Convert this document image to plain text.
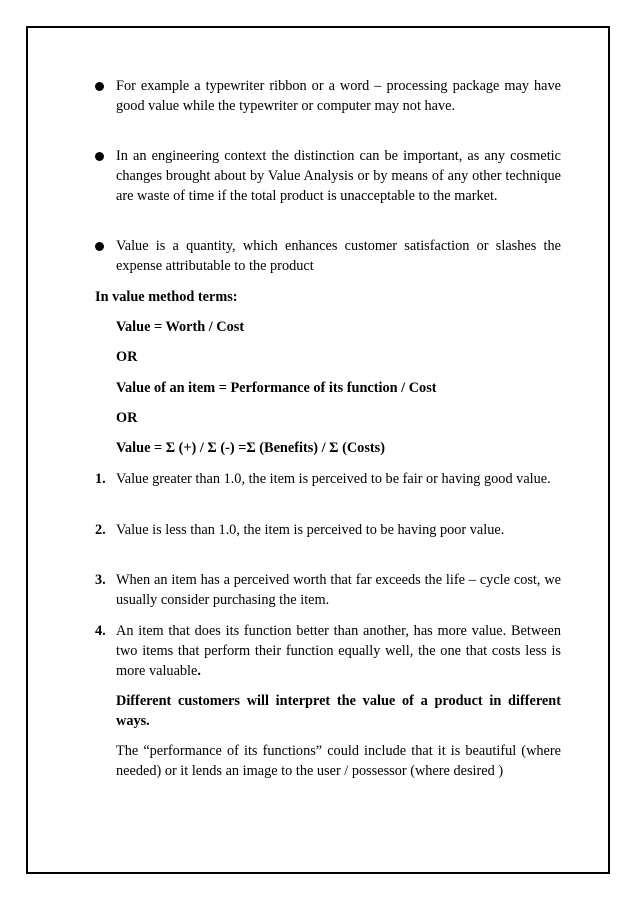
For example a typewriter ribbon or a word – processing package may have good value while the typewriter or computer may not have.
In an engineering context the distinction can be important, as any cosmetic changes brought about by Value Analysis or by means of any other technique are waste of time if the total product is unacceptable to the market.
Value is a quantity, which enhances customer satisfaction or slashes the expense attributable to the product
In value method terms:
Value = Worth / Cost
OR
Value of an item = Performance of its function / Cost
OR
Value = Σ (+) / Σ (-) =Σ (Benefits) / Σ (Costs)
1. Value greater than 1.0, the item is perceived to be fair or having good value.
2. Value is less than 1.0, the item is perceived to be having poor value.
3. When an item has a perceived worth that far exceeds the life – cycle cost, we usually consider purchasing the item.
4. An item that does its function better than another, has more value. Between two items that perform their function equally well, the one that costs less is more valuable.
Different customers will interpret the value of a product in different ways.
The “performance of its functions” could include that it is beautiful (where needed) or it lends an image to the user / possessor (where desired )
